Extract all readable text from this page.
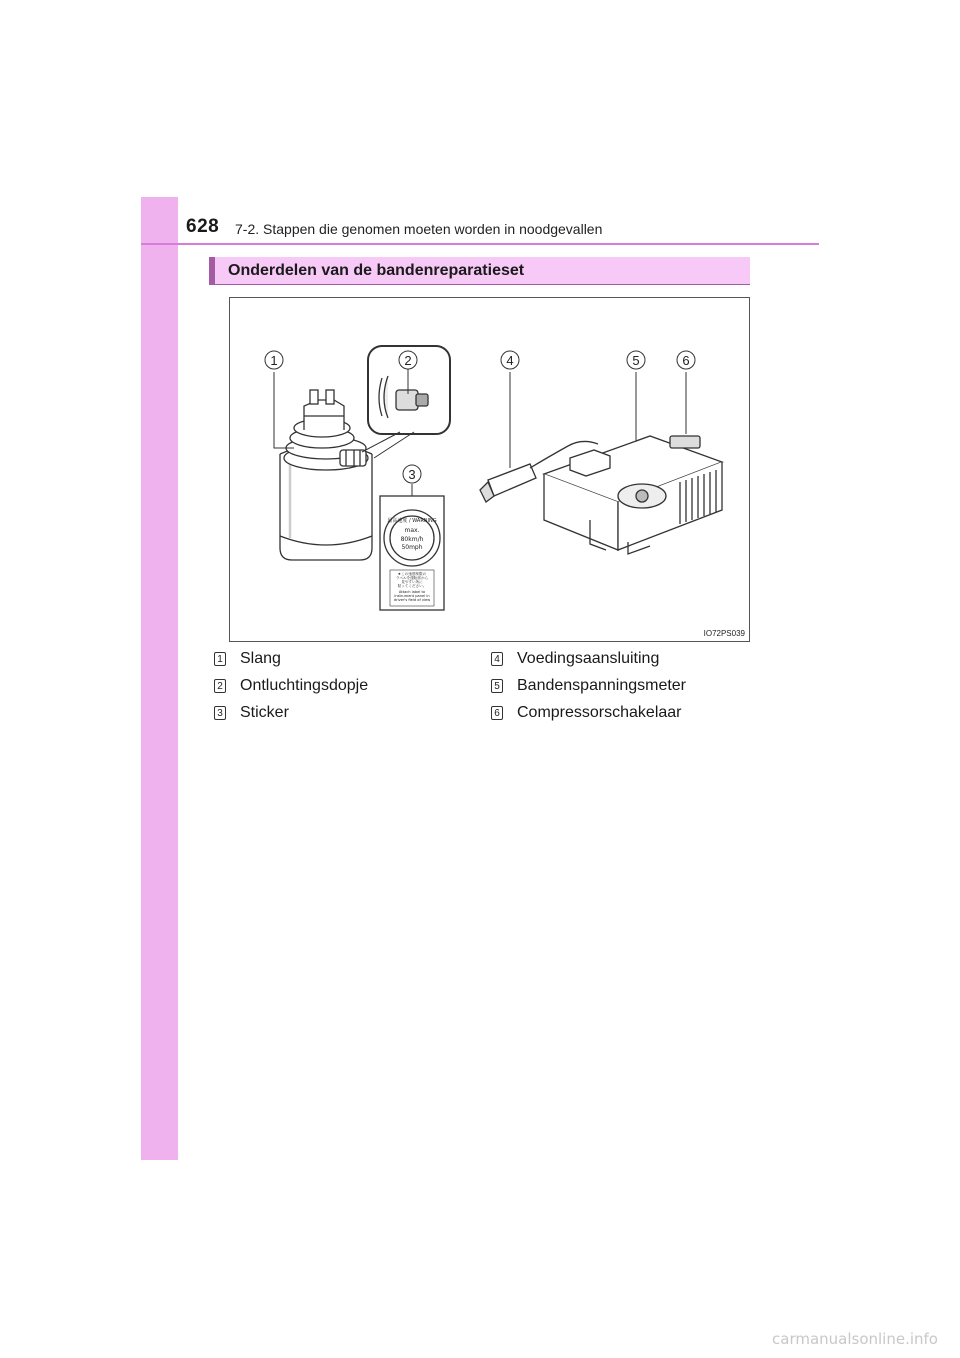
628 7-2. Stappen die genomen moeten worden in noodgevallen
Onderdelen van de bandenreparatieset
1	2
3
4	5	6
最高速度 / WARNING
max.
80km/h
50mph
★この速度制限の
ラベルを運転席から
見やすい所に
貼ってください。
Attach label to
instrument panel in
driver's field of view
IO72PS039
1 Slang
2 Ontluchtingsdopje
3 Sticker
4 Voedingsaansluiting
5 Bandenspanningsmeter
6 Compressorschakelaar
carmanualsonline.info
